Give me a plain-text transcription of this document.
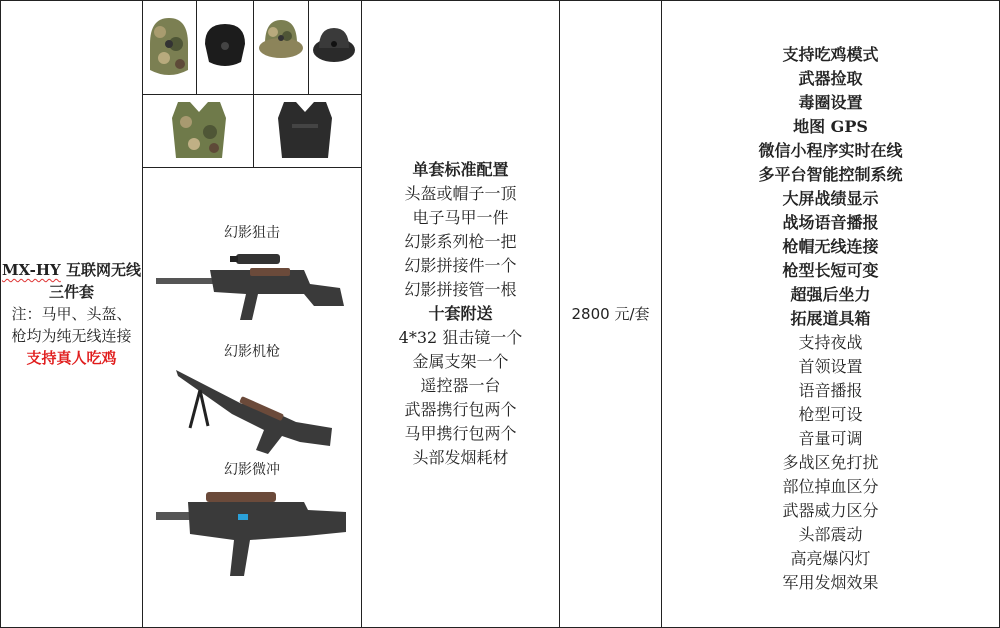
MX-HY 互联网无线三件套
注：马甲、头盔、枪均为纯无线连接
支持真人吃鸡
幻影狙击
幻影机枪
幻影微冲
单套标准配置
头盔或帽子一顶
电子马甲一件
幻影系列枪一把
幻影拼接件一个
幻影拼接管一根
十套附送
4*32 狙击镜一个
金属支架一个
遥控器一台
武器携行包两个
马甲携行包两个
头部发烟耗材
2800 元/套
支持吃鸡模式
武器捡取
毒圈设置
地图 GPS
微信小程序实时在线
多平台智能控制系统
大屏战绩显示
战场语音播报
枪帽无线连接
枪型长短可变
超强后坐力
拓展道具箱
支持夜战
首领设置
语音播报
枪型可设
音量可调
多战区免打扰
部位掉血区分
武器威力区分
头部震动
高亮爆闪灯
军用发烟效果
